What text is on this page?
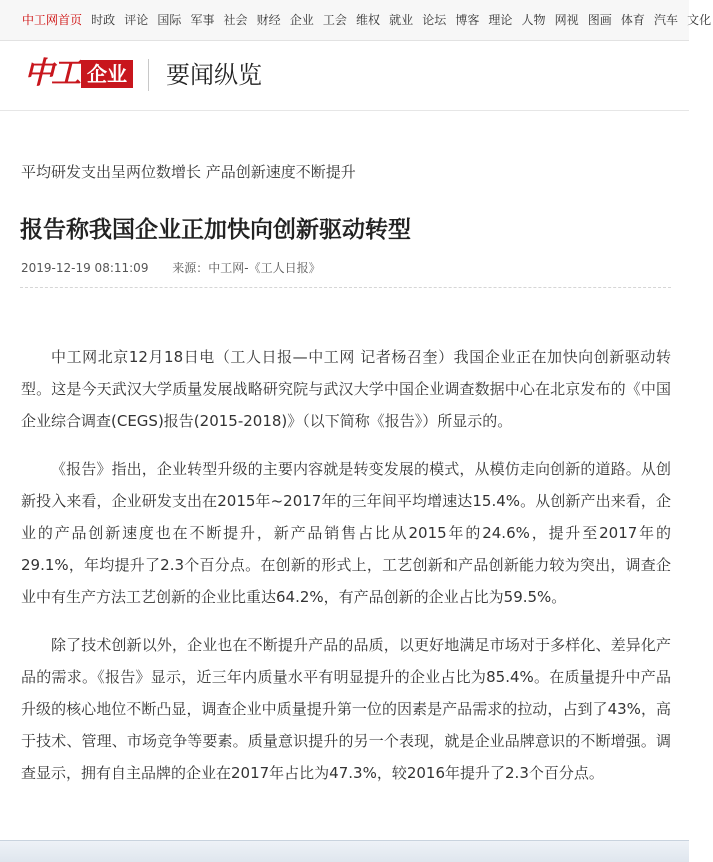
中工网首页 时政 评论 国际 军事 社会 财经 企业 工会 维权 就业 论坛 博客 理论 人物 网视 图画 体育 汽车 文化
中工 企业 要闻纵览
平均研发支出呈两位数增长 产品创新速度不断提升
报告称我国企业正加快向创新驱动转型
2019-12-19 08:11:09 来源：中工网-《工人日报》

中工网北京12月18日电（工人日报—中工网 记者杨召奎）我国企业正在加快向创新驱动转型。这是今天武汉大学质量发展战略研究院与武汉大学中国企业调查数据中心在北京发布的《中国企业综合调查(CEGS)报告(2015-2018)》（以下简称《报告》）所显示的。

《报告》指出，企业转型升级的主要内容就是转变发展的模式，从模仿走向创新的道路。从创新投入来看，企业研发支出在2015年~2017年的三年间平均增速达15.4%。从创新产出来看，企业的产品创新速度也在不断提升，新产品销售占比从2015年的24.6%，提升至2017年的29.1%，年均提升了2.3个百分点。在创新的形式上，工艺创新和产品创新能力较为突出，调查企业中有生产方法工艺创新的企业比重达64.2%，有产品创新的企业占比为59.5%。

除了技术创新以外，企业也在不断提升产品的品质，以更好地满足市场对于多样化、差异化产品的需求。《报告》显示，近三年内质量水平有明显提升的企业占比为85.4%。在质量提升中产品升级的核心地位不断凸显，调查企业中质量提升第一位的因素是产品需求的拉动，占到了43%，高于技术、管理、市场竞争等要素。质量意识提升的另一个表现，就是企业品牌意识的不断增强。调查显示，拥有自主品牌的企业在2017年占比为47.3%，较2016年提升了2.3个百分点。
